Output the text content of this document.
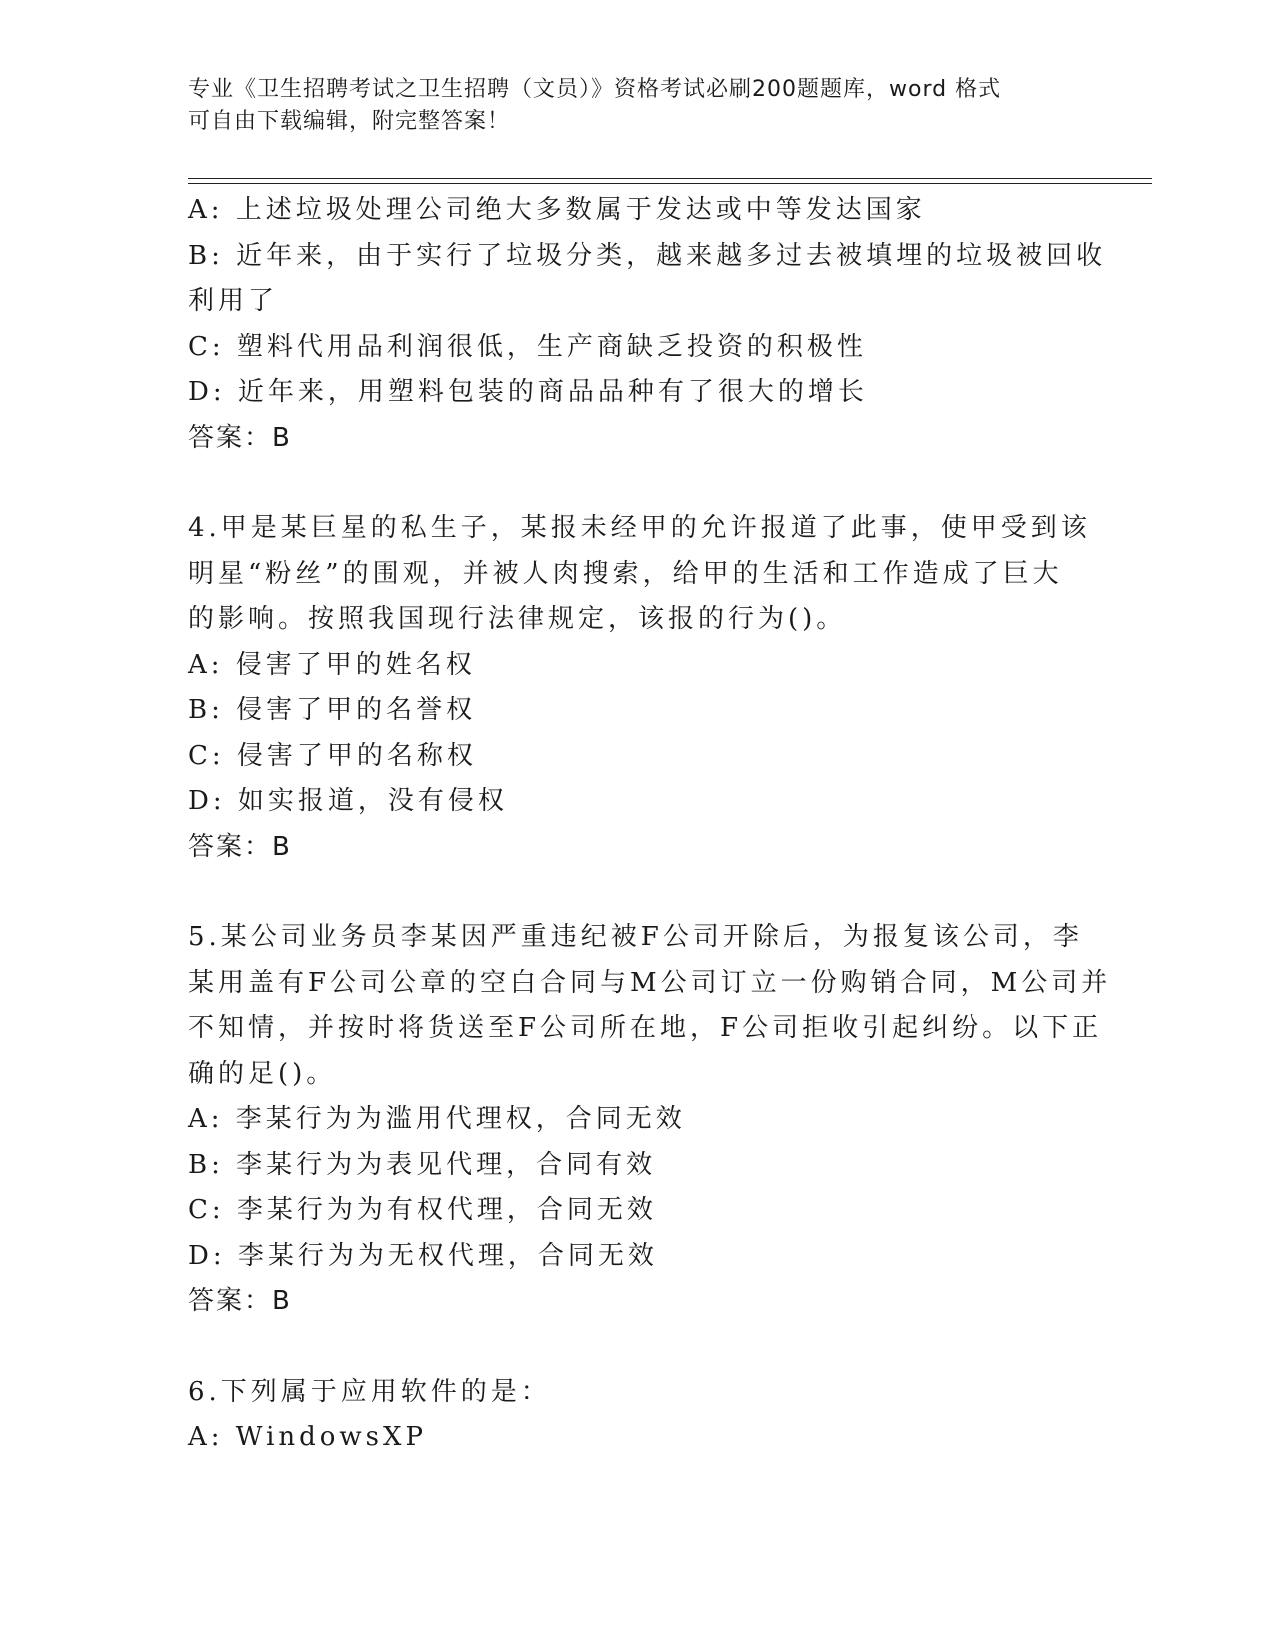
专业《卫生招聘考试之卫生招聘（文员）》资格考试必刷200题题库，word 格式
可自由下载编辑，附完整答案！
A: 上述垃圾处理公司绝大多数属于发达或中等发达国家
B: 近年来，由于实行了垃圾分类，越来越多过去被填埋的垃圾被回收
利用了
C: 塑料代用品利润很低，生产商缺乏投资的积极性
D: 近年来，用塑料包装的商品品种有了很大的增长
答案：B
4.甲是某巨星的私生子，某报未经甲的允许报道了此事，使甲受到该
明星“粉丝”的围观，并被人肉搜索，给甲的生活和工作造成了巨大
的影响。按照我国现行法律规定，该报的行为()。
A: 侵害了甲的姓名权
B: 侵害了甲的名誉权
C: 侵害了甲的名称权
D: 如实报道，没有侵权
答案：B
5.某公司业务员李某因严重违纪被F公司开除后，为报复该公司，李
某用盖有F公司公章的空白合同与M公司订立一份购销合同，M公司并
不知情，并按时将货送至F公司所在地，F公司拒收引起纠纷。以下正
确的足()。
A: 李某行为为滥用代理权，合同无效
B: 李某行为为表见代理，合同有效
C: 李某行为为有权代理，合同无效
D: 李某行为为无权代理，合同无效
答案：B
6.下列属于应用软件的是：
A: WindowsXP
